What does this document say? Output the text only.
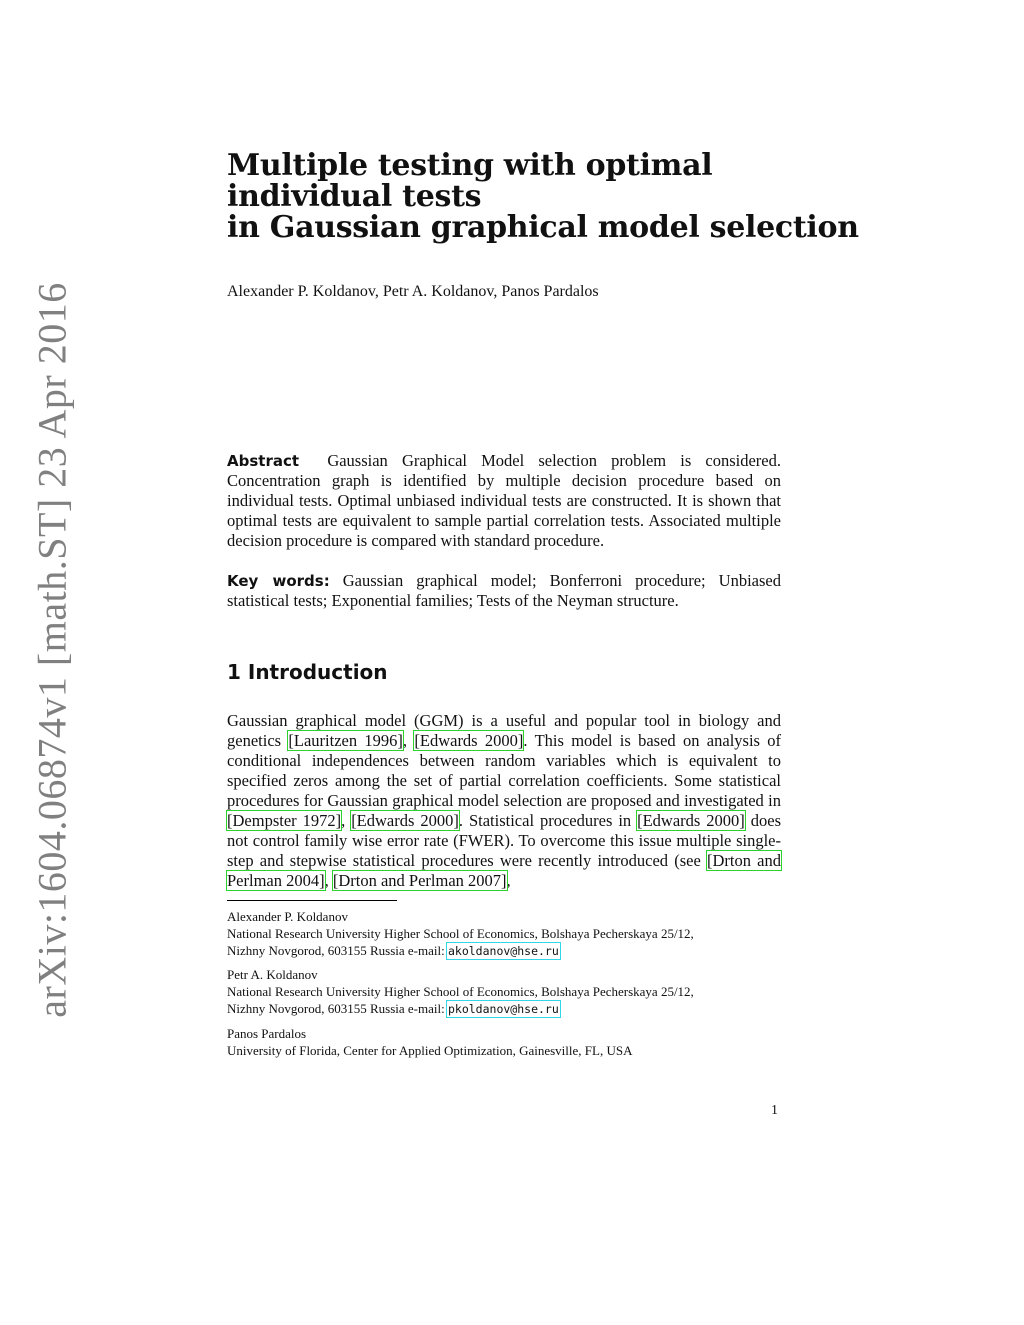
arXiv:1604.06874v1 [math.ST] 23 Apr 2016
Multiple testing with optimal
individual tests
in Gaussian graphical model selection
Alexander P. Koldanov, Petr A. Koldanov, Panos Pardalos
Abstract Gaussian Graphical Model selection problem is considered. Concentration graph is identified by multiple decision procedure based on individual tests. Optimal unbiased individual tests are constructed. It is shown that optimal tests are equivalent to sample partial correlation tests. Associated multiple decision procedure is compared with standard procedure.
Key words: Gaussian graphical model; Bonferroni procedure; Unbiased statistical tests; Exponential families; Tests of the Neyman structure.
1 Introduction
Gaussian graphical model (GGM) is a useful and popular tool in biology and genetics [Lauritzen 1996], [Edwards 2000]. This model is based on analysis of conditional independences between random variables which is equivalent to specified zeros among the set of partial correlation coefficients. Some statistical procedures for Gaussian graphical model selection are proposed and investigated in [Dempster 1972], [Edwards 2000]. Statistical procedures in [Edwards 2000] does not control family wise error rate (FWER). To overcome this issue multiple single-step and stepwise statistical procedures were recently introduced (see [Drton and Perlman 2004], [Drton and Perlman 2007],

Alexander P. Koldanov

National Research University Higher School of Economics, Bolshaya Pecherskaya 25/12,

Nizhny Novgorod, 603155 Russia e-mail: akoldanov@hse.ru

Petr A. Koldanov

National Research University Higher School of Economics, Bolshaya Pecherskaya 25/12,

Nizhny Novgorod, 603155 Russia e-mail: pkoldanov@hse.ru

Panos Pardalos

University of Florida, Center for Applied Optimization, Gainesville, FL, USA

1
